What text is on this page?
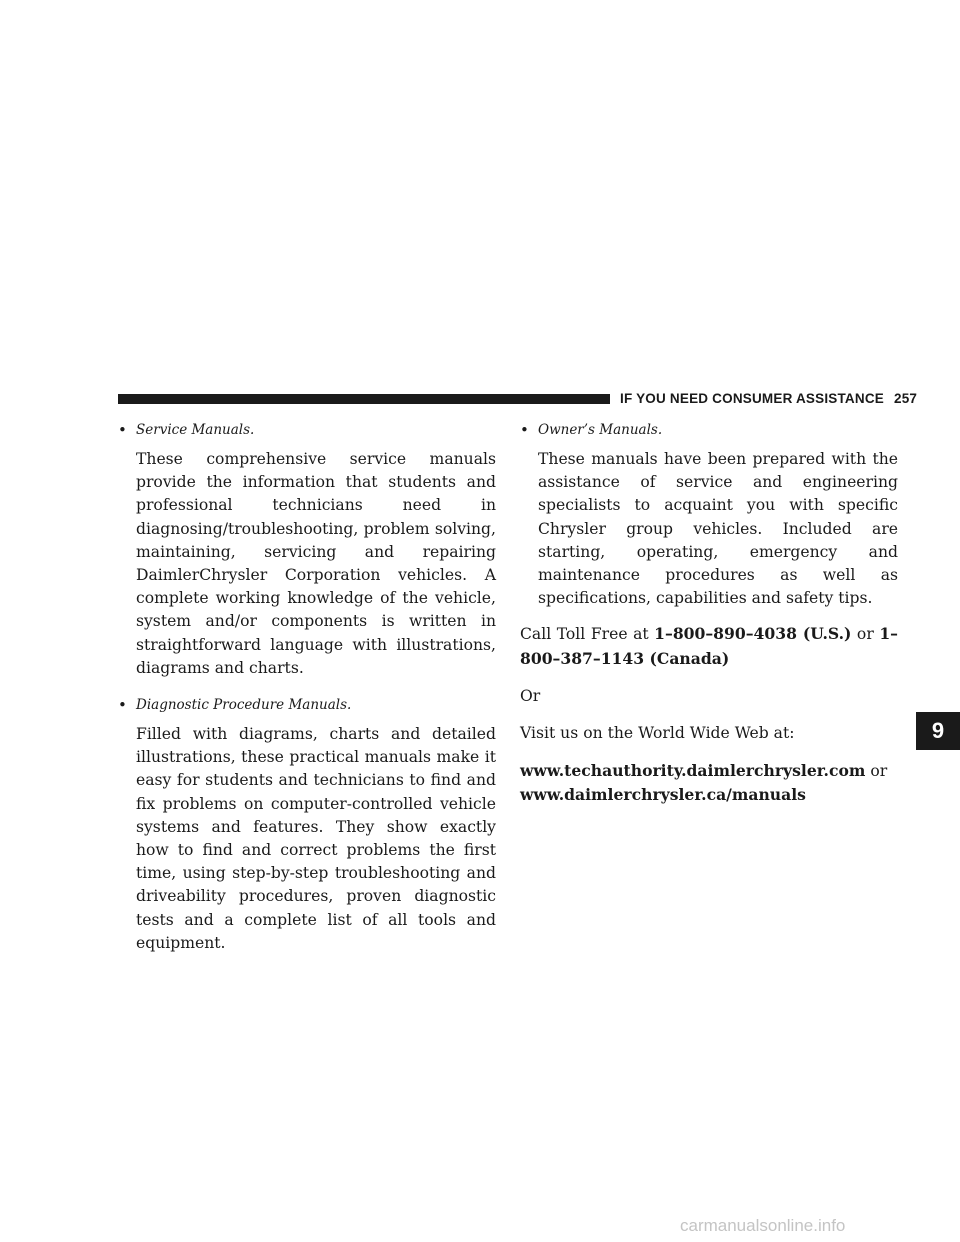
IF YOU NEED CONSUMER ASSISTANCE 257

• Service Manuals.

These comprehensive service manuals provide the information that students and professional technicians need in diagnosing/troubleshooting, problem solving, maintaining, servicing and repairing DaimlerChrysler Corporation vehicles. A complete working knowledge of the vehicle, system and/or components is written in straightforward language with illustrations, diagrams and charts.

• Diagnostic Procedure Manuals.

Filled with diagrams, charts and detailed illustrations, these practical manuals make it easy for students and technicians to find and fix problems on computer-controlled vehicle systems and features. They show exactly how to find and correct problems the first time, using step-by-step troubleshooting and driveability procedures, proven diagnostic tests and a complete list of all tools and equipment.

• Owner’s Manuals.

These manuals have been prepared with the assistance of service and engineering specialists to acquaint you with specific Chrysler group vehicles. Included are starting, operating, emergency and maintenance procedures as well as specifications, capabilities and safety tips.

Call Toll Free at 1–800–890–4038 (U.S.) or 1–800–387–1143 (Canada)

Or

Visit us on the World Wide Web at:

www.techauthority.daimlerchrysler.com or
www.daimlerchrysler.ca/manuals

9
carmanualsonline.info
